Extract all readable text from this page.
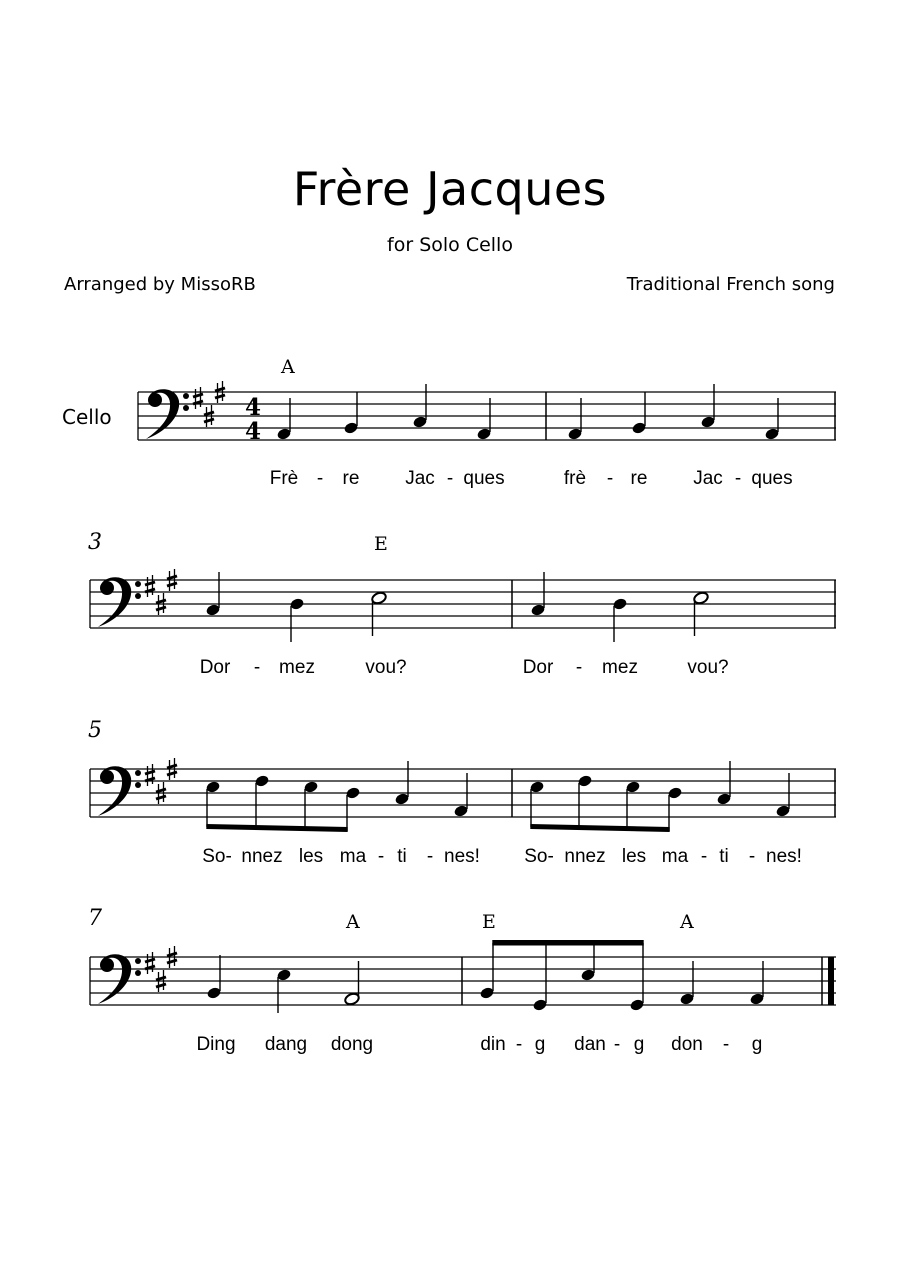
Frère Jacques
for Solo Cello
Arranged by MissoRB	Traditional French song
Cello
3
5
7
A
E
A	E	A
Frè - re Jac - ques	frè - re Jac - ques
Dor - mez	vou?	Dor - mez	vou?
So- nnez les ma - ti - nes! So- nnez les ma - ti - nes!
Ding dang dong	din - g dan - g don - g
4
4
